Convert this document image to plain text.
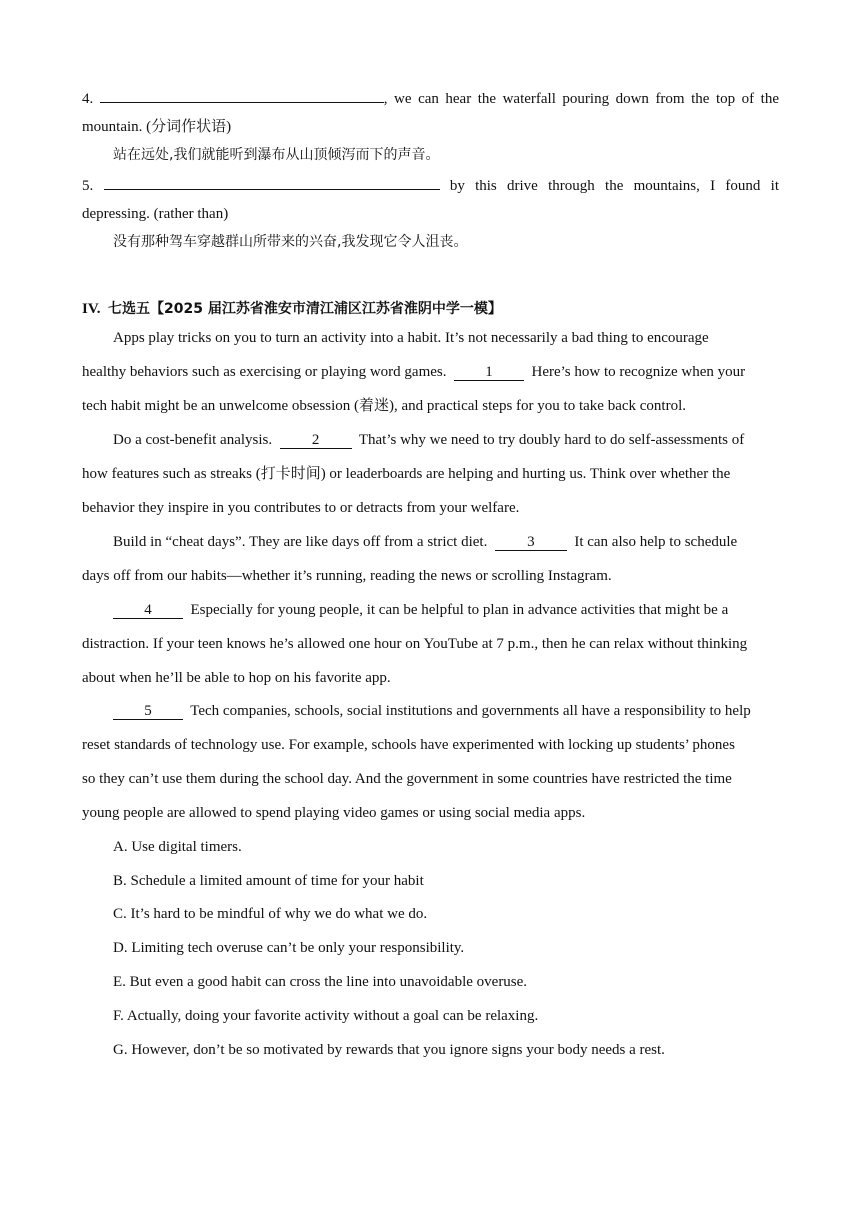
4.	, we can hear the waterfall pouring down from the top of the
mountain. (分词作状语)
站在远处,我们就能听到瀑布从山顶倾泻而下的声音。
5.	by this drive through the mountains, I found it
depressing. (rather than)
没有那种驾车穿越群山所带来的兴奋,我发现它令人沮丧。
IV. 七选五【2025 届江苏省淮安市清江浦区江苏省淮阴中学一模】
Apps play tricks on you to turn an activity into a habit. It’s not necessarily a bad thing to encourage
healthy behaviors such as exercising or playing word games.	1	Here’s how to recognize when your
tech habit might be an unwelcome obsession (着迷), and practical steps for you to take back control.
Do a cost-benefit analysis.	2	That’s why we need to try doubly hard to do self-assessments of
how features such as streaks (打卡时间) or leaderboards are helping and hurting us. Think over whether the
behavior they inspire in you contributes to or detracts from your welfare.
Build in “cheat days”. They are like days off from a strict diet.	3	It can also help to schedule
days off from our habits—whether it’s running, reading the news or scrolling Instagram.
4	Especially for young people, it can be helpful to plan in advance activities that might be a
distraction. If your teen knows he’s allowed one hour on YouTube at 7 p.m., then he can relax without thinking
about when he’ll be able to hop on his favorite app.
5	Tech companies, schools, social institutions and governments all have a responsibility to help
reset standards of technology use. For example, schools have experimented with locking up students’ phones
so they can’t use them during the school day. And the government in some countries have restricted the time
young people are allowed to spend playing video games or using social media apps.
A. Use digital timers.
B. Schedule a limited amount of time for your habit
C. It’s hard to be mindful of why we do what we do.
D. Limiting tech overuse can’t be only your responsibility.
E. But even a good habit can cross the line into unavoidable overuse.
F. Actually, doing your favorite activity without a goal can be relaxing.
G. However, don’t be so motivated by rewards that you ignore signs your body needs a rest.
